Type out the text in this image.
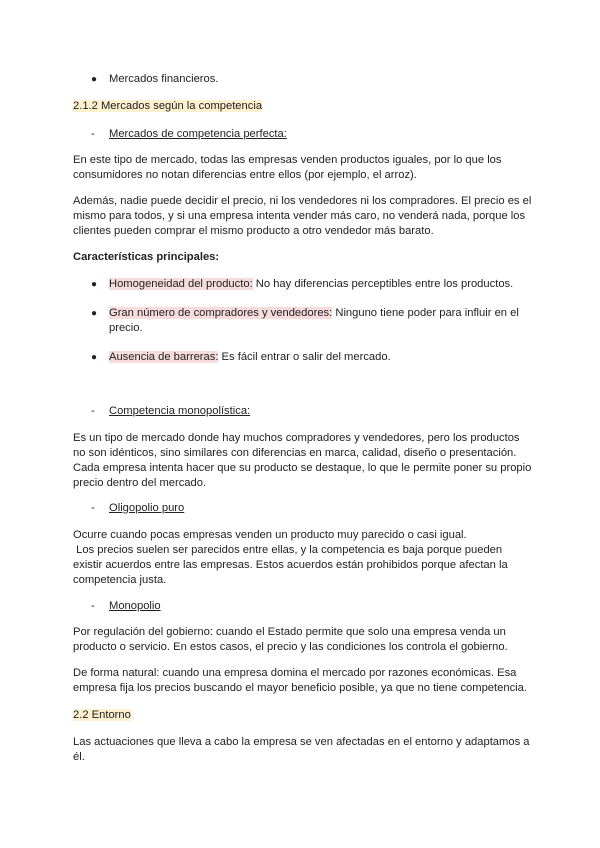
●	Mercados financieros.
2.1.2 Mercados según la competencia
- Mercados de competencia perfecta:
En este tipo de mercado, todas las empresas venden productos iguales, por lo que los
consumidores no notan diferencias entre ellos (por ejemplo, el arroz).
Además, nadie puede decidir el precio, ni los vendedores ni los compradores. El precio es el
mismo para todos, y si una empresa intenta vender más caro, no venderá nada, porque los
clientes pueden comprar el mismo producto a otro vendedor más barato.
Características principales:
●	Homogeneidad del producto: No hay diferencias perceptibles entre los productos.
●	Gran número de compradores y vendedores: Ninguno tiene poder para influir en el
precio.
●	Ausencia de barreras: Es fácil entrar o salir del mercado.
- Competencia monopolística:
Es un tipo de mercado donde hay muchos compradores y vendedores, pero los productos
no son idénticos, sino similares con diferencias en marca, calidad, diseño o presentación.
Cada empresa intenta hacer que su producto se destaque, lo que le permite poner su propio
precio dentro del mercado.
- Oligopolio puro
Ocurre cuando pocas empresas venden un producto muy parecido o casi igual.
Los precios suelen ser parecidos entre ellas, y la competencia es baja porque pueden
existir acuerdos entre las empresas. Estos acuerdos están prohibidos porque afectan la
competencia justa.
- Monopolio
Por regulación del gobierno: cuando el Estado permite que solo una empresa venda un
producto o servicio. En estos casos, el precio y las condiciones los controla el gobierno.
De forma natural: cuando una empresa domina el mercado por razones económicas. Esa
empresa fija los precios buscando el mayor beneficio posible, ya que no tiene competencia.
2.2 Entorno
Las actuaciones que lleva a cabo la empresa se ven afectadas en el entorno y adaptamos a
él.
